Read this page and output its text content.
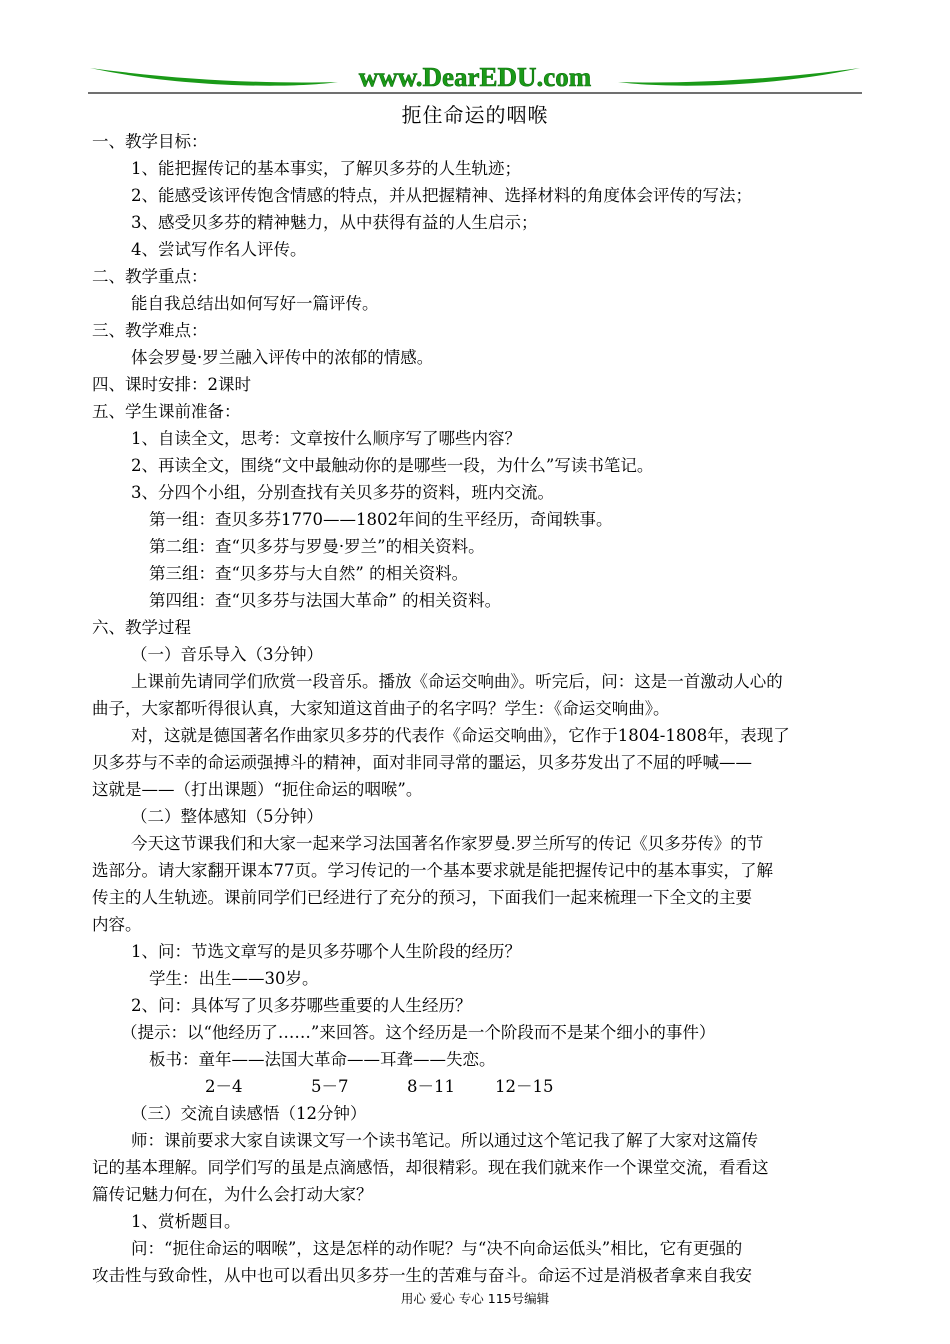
www.DearEDU.com
扼住命运的咽喉
一、教学目标：
1、能把握传记的基本事实，了解贝多芬的人生轨迹；
2、能感受该评传饱含情感的特点，并从把握精神、选择材料的角度体会评传的写法；
3、感受贝多芬的精神魅力，从中获得有益的人生启示；
4、尝试写作名人评传。
二、教学重点：
能自我总结出如何写好一篇评传。
三、教学难点：
体会罗曼·罗兰融入评传中的浓郁的情感。
四、课时安排：2课时
五、学生课前准备：
1、自读全文，思考：文章按什么顺序写了哪些内容？
2、再读全文，围绕“文中最触动你的是哪些一段，为什么”写读书笔记。
3、分四个小组，分别查找有关贝多芬的资料，班内交流。
第一组：查贝多芬1770——1802年间的生平经历，奇闻轶事。
第二组：查“贝多芬与罗曼·罗兰”的相关资料。
第三组：查“贝多芬与大自然” 的相关资料。
第四组：查“贝多芬与法国大革命” 的相关资料。
六、教学过程
（一）音乐导入（3分钟）
上课前先请同学们欣赏一段音乐。播放《命运交响曲》。听完后，问：这是一首激动人心的
曲子，大家都听得很认真，大家知道这首曲子的名字吗？学生：《命运交响曲》。
对，这就是德国著名作曲家贝多芬的代表作《命运交响曲》，它作于1804-1808年，表现了
贝多芬与不幸的命运顽强搏斗的精神，面对非同寻常的噩运，贝多芬发出了不屈的呼喊——
这就是——（打出课题）“扼住命运的咽喉”。
（二）整体感知（5分钟）
今天这节课我们和大家一起来学习法国著名作家罗曼.罗兰所写的传记《贝多芬传》的节
选部分。请大家翻开课本77页。学习传记的一个基本要求就是能把握传记中的基本事实，了解
传主的人生轨迹。课前同学们已经进行了充分的预习，下面我们一起来梳理一下全文的主要
内容。
1、问：节选文章写的是贝多芬哪个人生阶段的经历？
学生：出生——30岁。
2、问：具体写了贝多芬哪些重要的人生经历？
（提示：以“他经历了……”来回答。这个经历是一个阶段而不是某个细小的事件）
板书：童年——法国大革命——耳聋——失恋。
2－4	5－7	8－11 12－15
（三）交流自读感悟（12分钟）
师：课前要求大家自读课文写一个读书笔记。所以通过这个笔记我了解了大家对这篇传
记的基本理解。同学们写的虽是点滴感悟，却很精彩。现在我们就来作一个课堂交流，看看这
篇传记魅力何在，为什么会打动大家？
1、赏析题目。
问：“扼住命运的咽喉”，这是怎样的动作呢？与“决不向命运低头”相比，它有更强的
攻击性与致命性，从中也可以看出贝多芬一生的苦难与奋斗。命运不过是消极者拿来自我安
用心 爱心 专心 115号编辑
